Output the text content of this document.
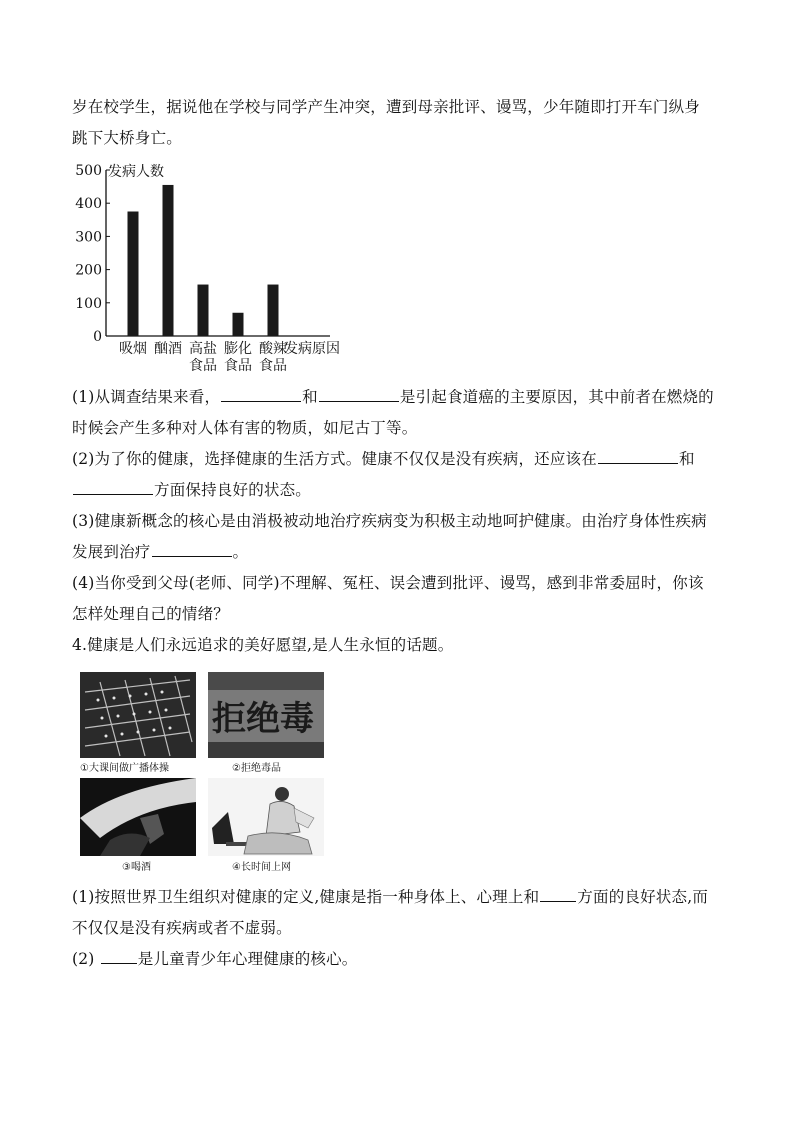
岁在校学生，据说他在学校与同学产生冲突，遭到母亲批评、谩骂，少年随即打开车门纵身
跳下大桥身亡。

0
100
200
300
400
500
吸烟 酗酒 高盐
食品
膨化
食品
酸辣
食品
发病人数
发病原因

(1)从调查结果来看，	和	是引起食道癌的主要原因，其中前者在燃烧的
时候会产生多种对人体有害的物质，如尼古丁等。

(2)为了你的健康，选择健康的生活方式。健康不仅仅是没有疾病，还应该在	和
方面保持良好的状态。

(3)健康新概念的核心是由消极被动地治疗疾病变为积极主动地呵护健康。由治疗身体性疾病
发展到治疗	。

(4)当你受到父母(老师、同学)不理解、冤枉、误会遭到批评、谩骂，感到非常委屈时，你该
怎样处理自己的情绪？

4.健康是人们永远追求的美好愿望,是人生永恒的话题。

①大课间做广播体操
拒绝毒
②拒绝毒品
③喝酒	④长时间上网

(1)按照世界卫生组织对健康的定义,健康是指一种身体上、心理上和 方面的良好状态,而
不仅仅是没有疾病或者不虚弱。

(2) 是儿童青少年心理健康的核心。
